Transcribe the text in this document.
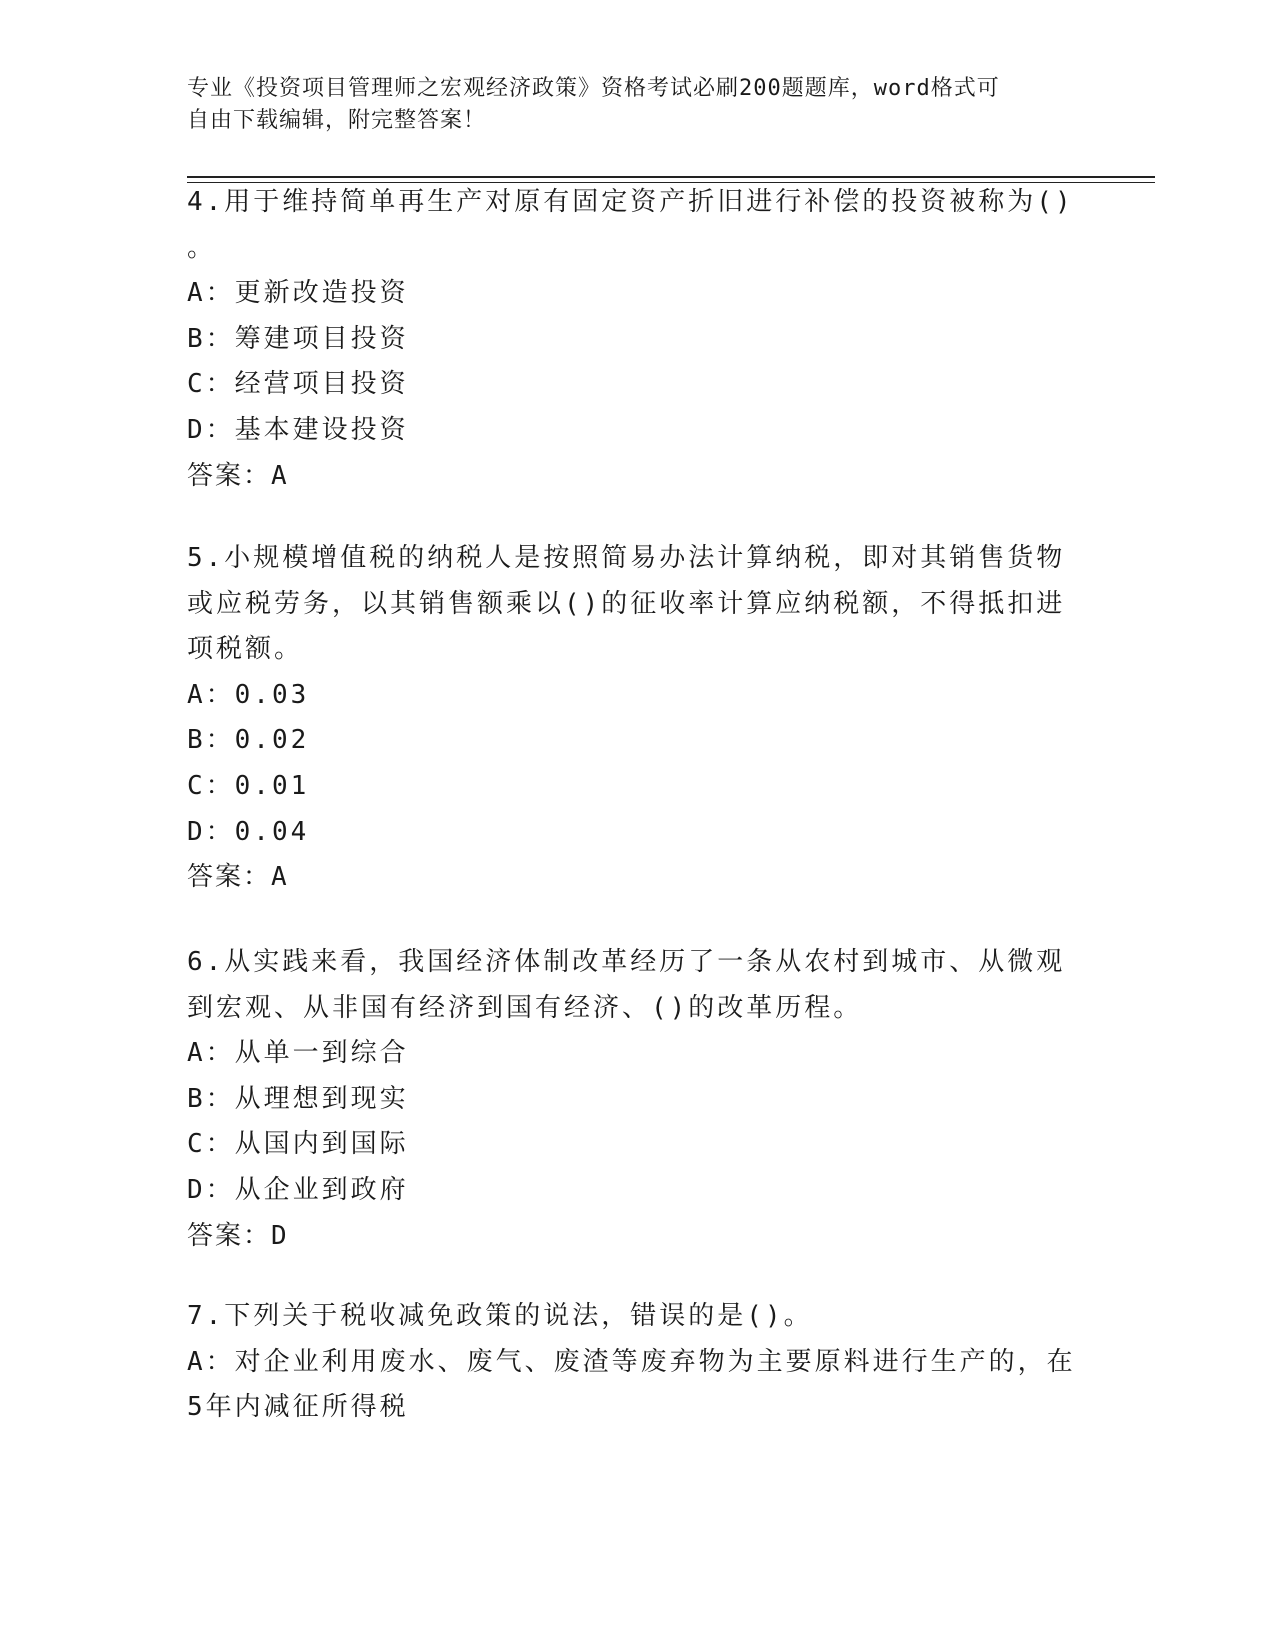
专业《投资项目管理师之宏观经济政策》资格考试必刷200题题库，word格式可
自由下载编辑，附完整答案！
4.用于维持简单再生产对原有固定资产折旧进行补偿的投资被称为()
。
A：更新改造投资
B：筹建项目投资
C：经营项目投资
D：基本建设投资
答案：A
5.小规模增值税的纳税人是按照简易办法计算纳税，即对其销售货物
或应税劳务，以其销售额乘以()的征收率计算应纳税额，不得抵扣进
项税额。
A：0.03
B：0.02
C：0.01
D：0.04
答案：A
6.从实践来看，我国经济体制改革经历了一条从农村到城市、从微观
到宏观、从非国有经济到国有经济、()的改革历程。
A：从单一到综合
B：从理想到现实
C：从国内到国际
D：从企业到政府
答案：D
7.下列关于税收减免政策的说法，错误的是()。
A：对企业利用废水、废气、废渣等废弃物为主要原料进行生产的，在
5年内减征所得税
